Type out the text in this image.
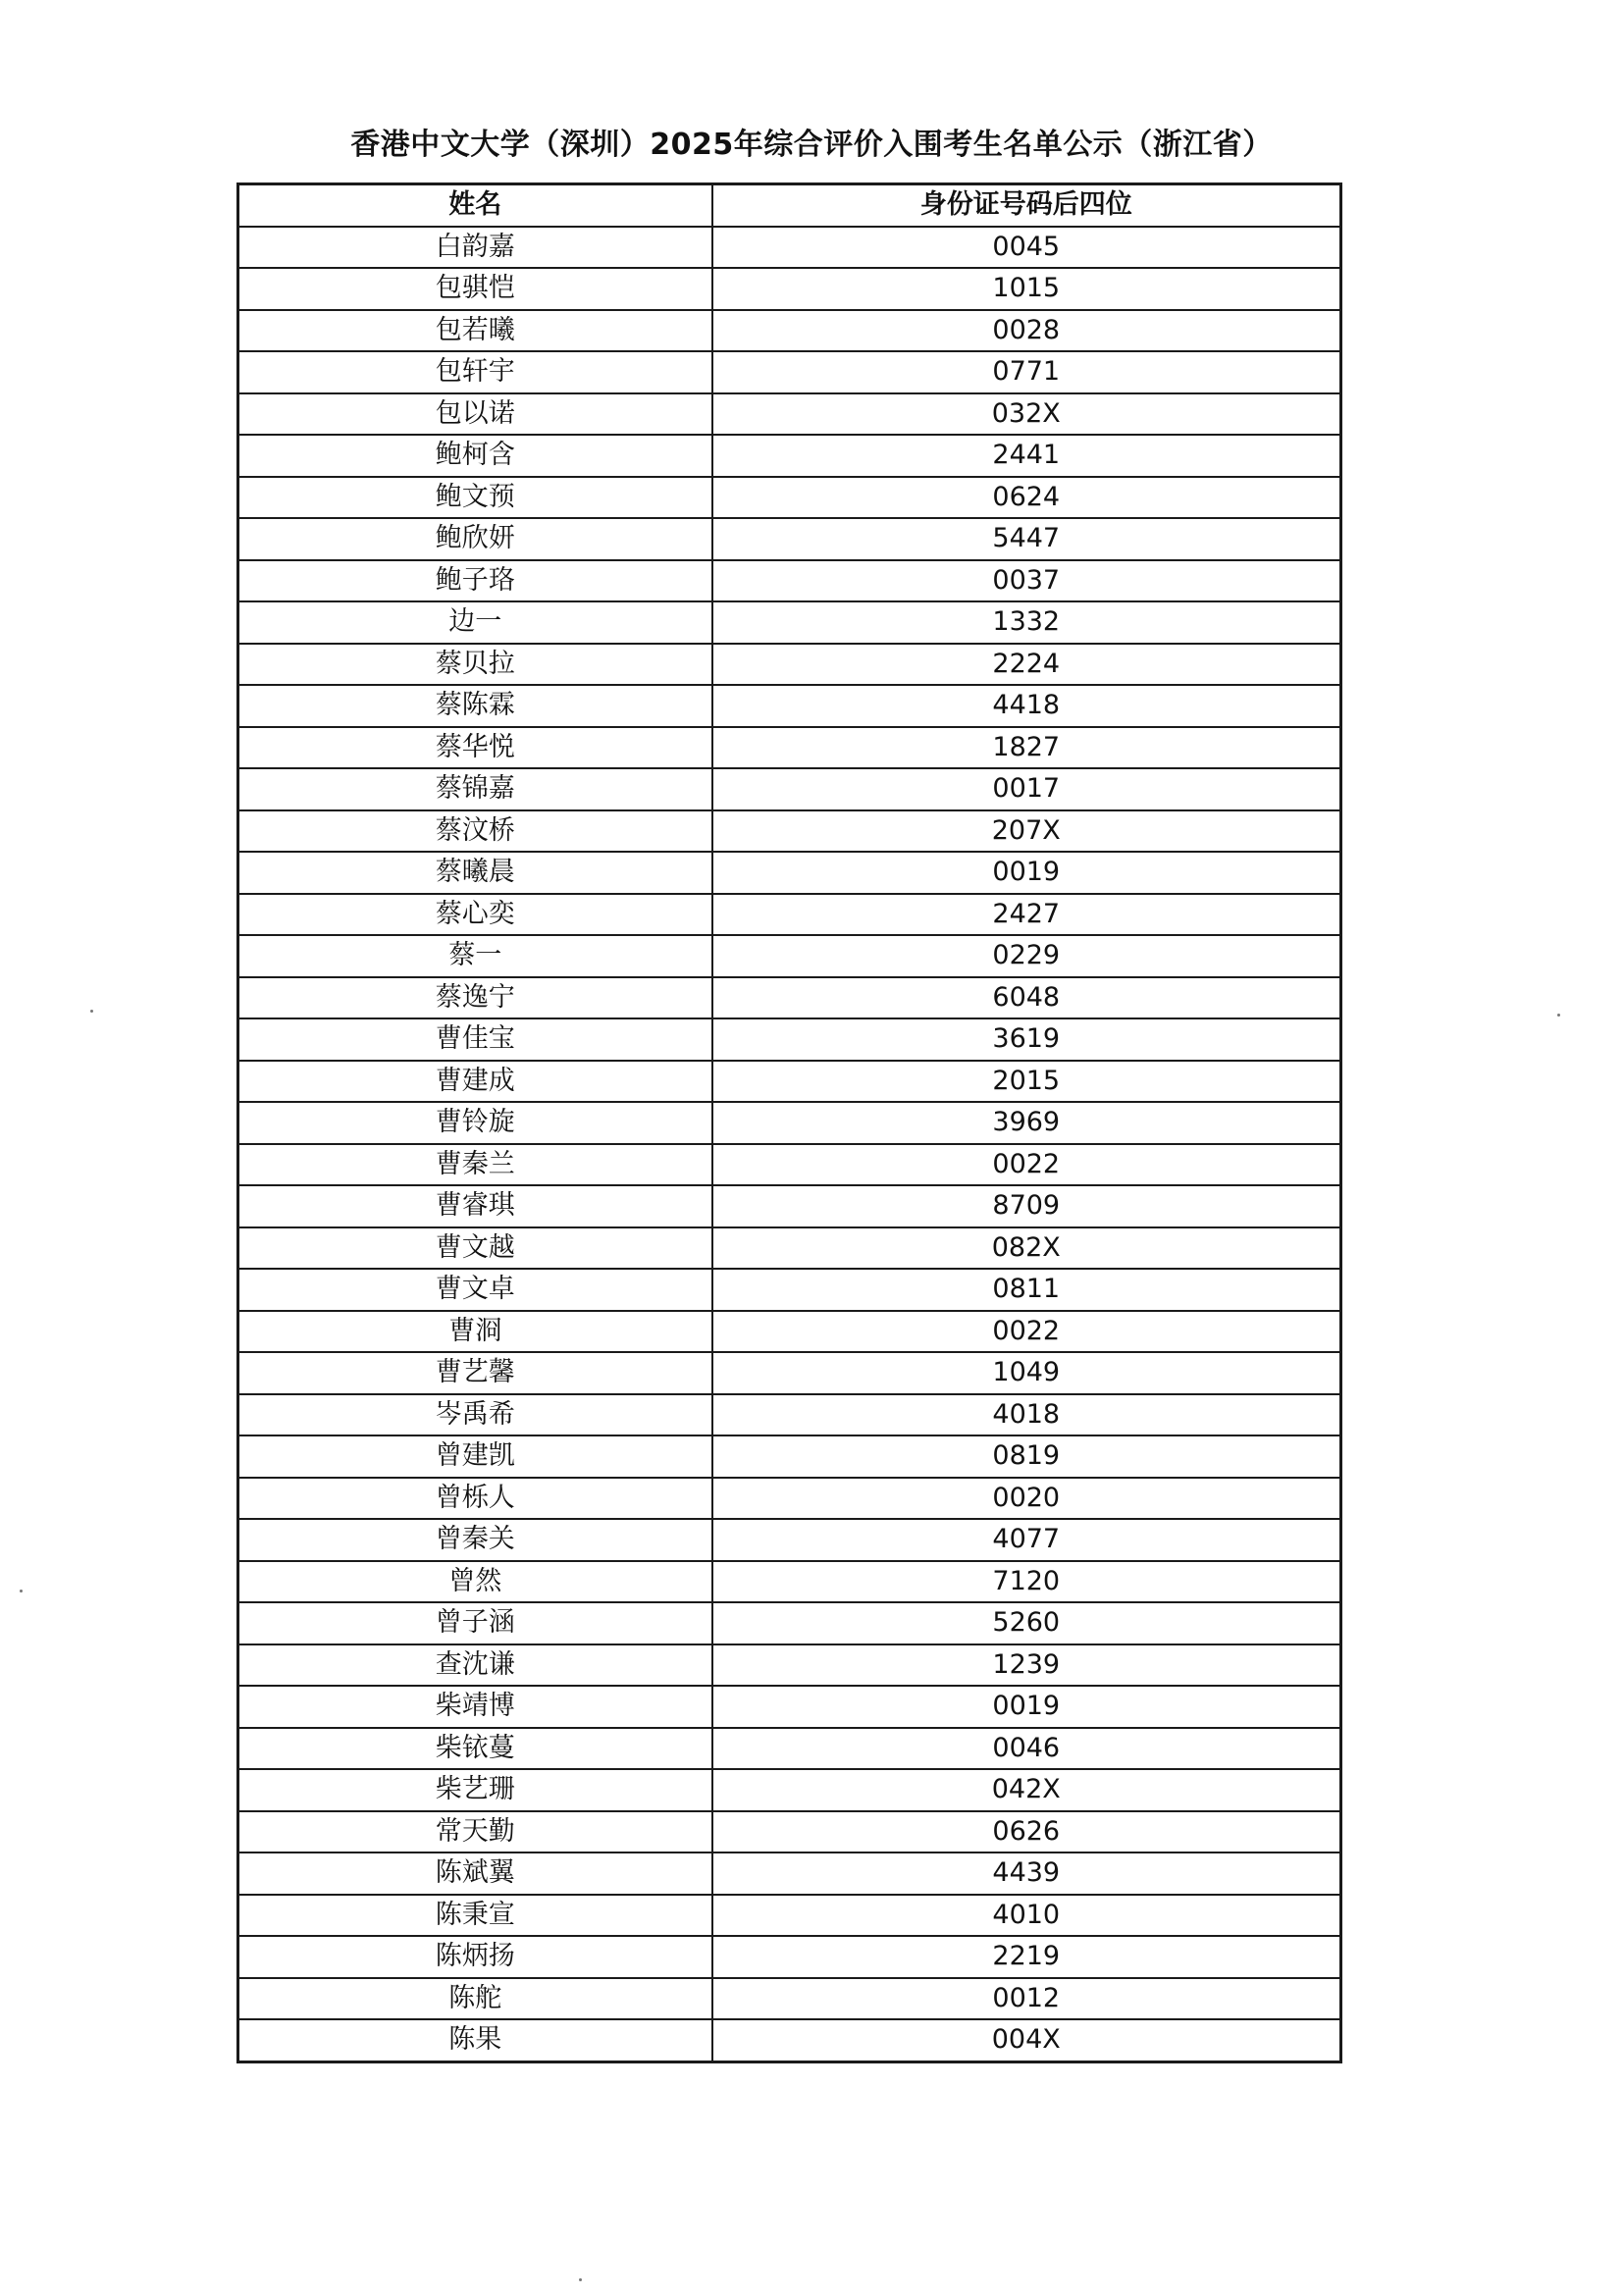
香港中文大学（深圳）2025年综合评价入围考生名单公示（浙江省）
姓名	身份证号码后四位
白韵嘉	0045
包骐恺	1015
包若曦	0028
包轩宇	0771
包以诺	032X
鲍柯含	2441
鲍文预	0624
鲍欣妍	5447
鲍子珞	0037
边一	1332
蔡贝拉	2224
蔡陈霖	4418
蔡华悦	1827
蔡锦嘉	0017
蔡汶桥	207X
蔡曦晨	0019
蔡心奕	2427
蔡一	0229
蔡逸宁	6048
曹佳宝	3619
曹建成	2015
曹铃旋	3969
曹秦兰	0022
曹睿琪	8709
曹文越	082X
曹文卓	0811
曹浻	0022
曹艺馨	1049
岑禹希	4018
曾建凯	0819
曾栎人	0020
曾秦关	4077
曾然	7120
曾子涵	5260
查沈谦	1239
柴靖博	0019
柴铱蔓	0046
柴艺珊	042X
常天勤	0626
陈斌翼	4439
陈秉宣	4010
陈炳扬	2219
陈舵	0012
陈果	004X
